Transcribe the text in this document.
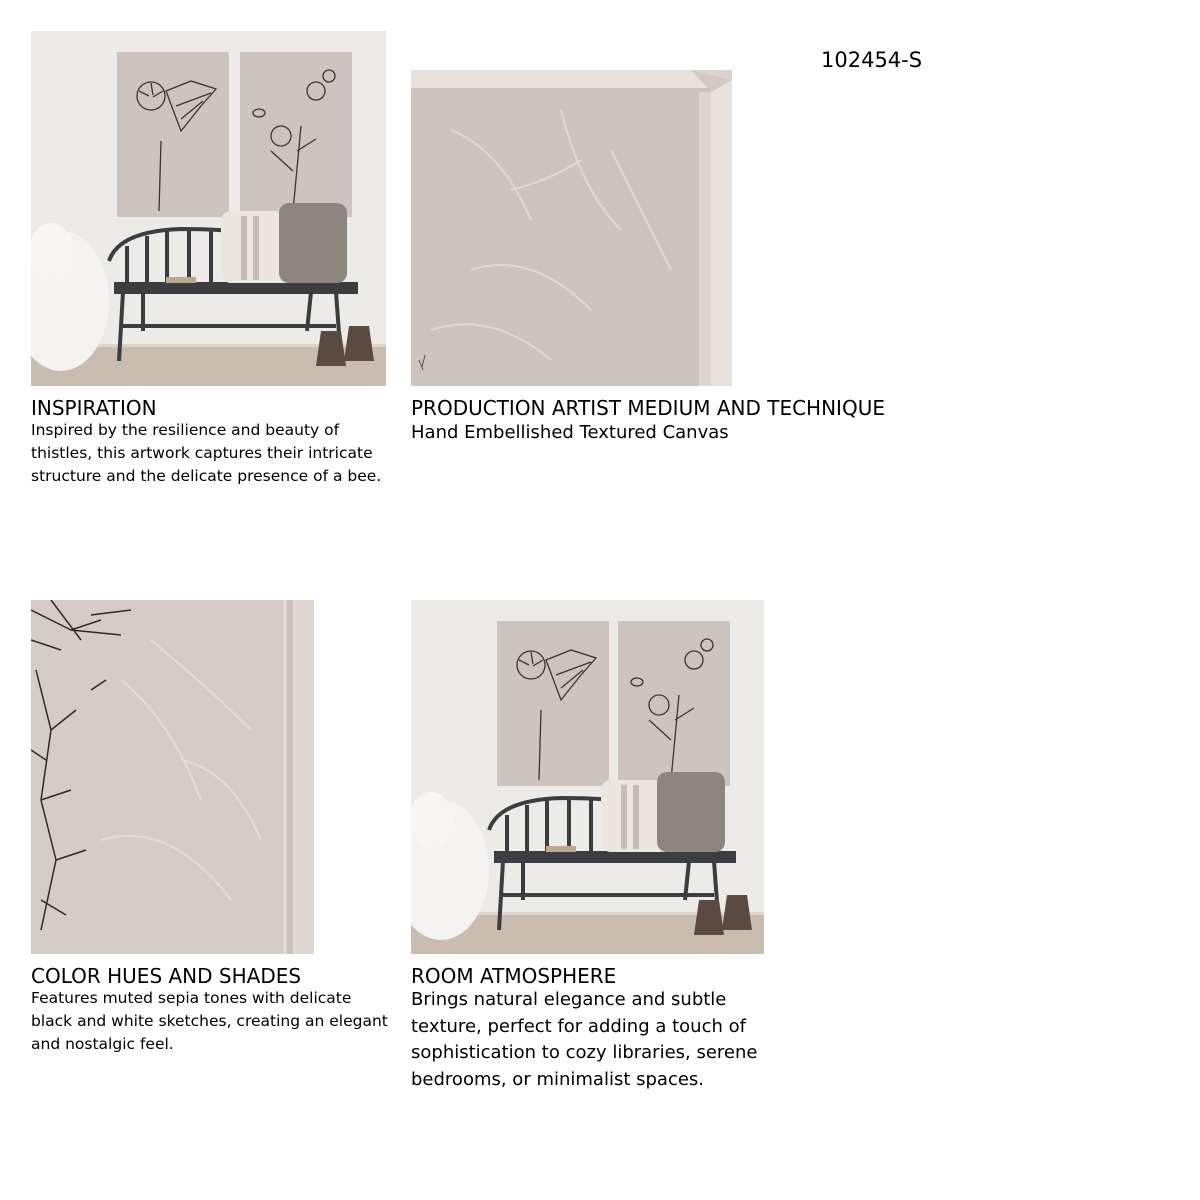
102454-S
INSPIRATION

Inspired by the resilience and beauty of thistles, this artwork captures their intricate structure and the delicate presence of a bee.

PRODUCTION ARTIST MEDIUM AND TECHNIQUE

Hand Embellished Textured Canvas

COLOR HUES AND SHADES

Features muted sepia tones with delicate black and white sketches, creating an elegant and nostalgic feel.

ROOM ATMOSPHERE

Brings natural elegance and subtle texture, perfect for adding a touch of sophistication to cozy libraries, serene bedrooms, or minimalist spaces.
